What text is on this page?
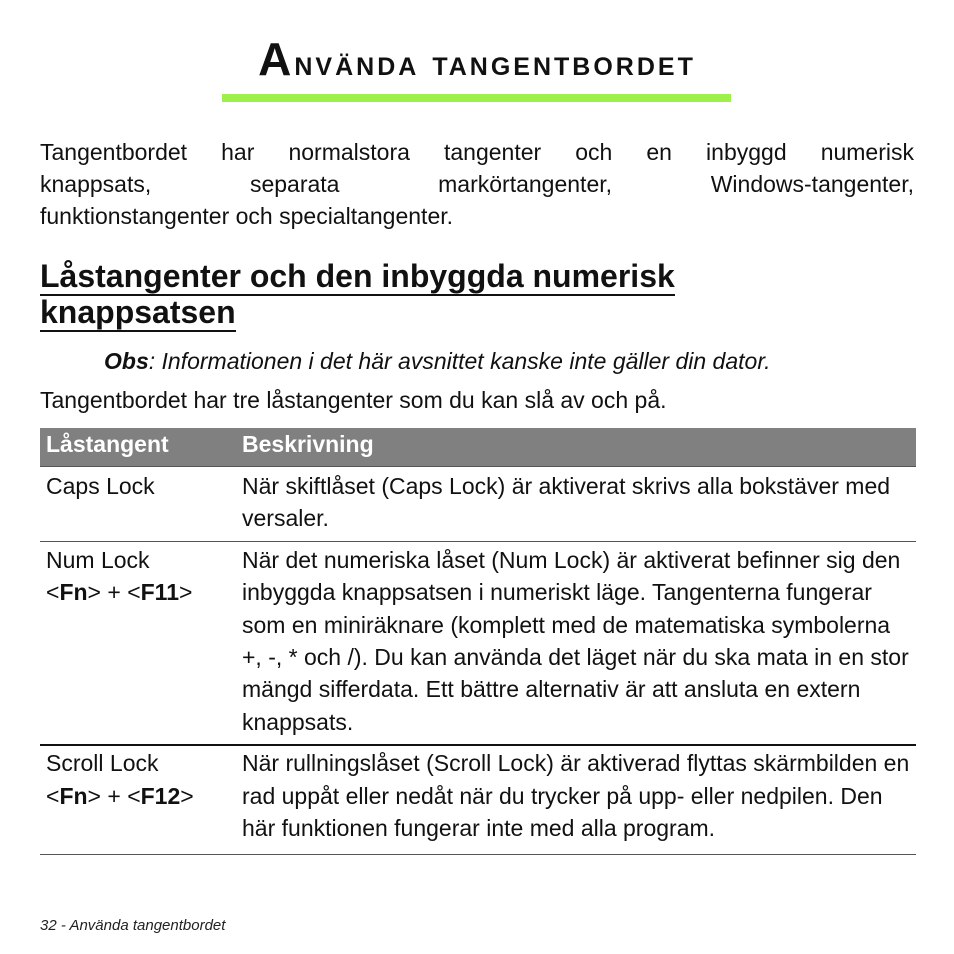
Använda tangentbordet
Tangentbordet har normalstora tangenter och en inbyggd numerisk
knappsats, separata markörtangenter, Windows-tangenter,
funktionstangenter och specialtangenter.
Låstangenter och den inbyggda numerisk
knappsatsen
Obs: Informationen i det här avsnittet kanske inte gäller din dator.
Tangentbordet har tre låstangenter som du kan slå av och på.
Låstangent	Beskrivning
Caps Lock	När skiftlåset (Caps Lock) är aktiverat skrivs alla bokstäver med versaler.
Num Lock
<Fn> + <F11>	När det numeriska låset (Num Lock) är aktiverat befinner sig den inbyggda knappsatsen i numeriskt läge. Tangenterna fungerar som en miniräknare (komplett med de matematiska symbolerna +, -, * och /). Du kan använda det läget när du ska mata in en stor mängd sifferdata. Ett bättre alternativ är att ansluta en extern knappsats.
Scroll Lock
<Fn> + <F12>	När rullningslåset (Scroll Lock) är aktiverad flyttas skärmbilden en rad uppåt eller nedåt när du trycker på upp- eller nedpilen. Den här funktionen fungerar inte med alla program.
32 - Använda tangentbordet
